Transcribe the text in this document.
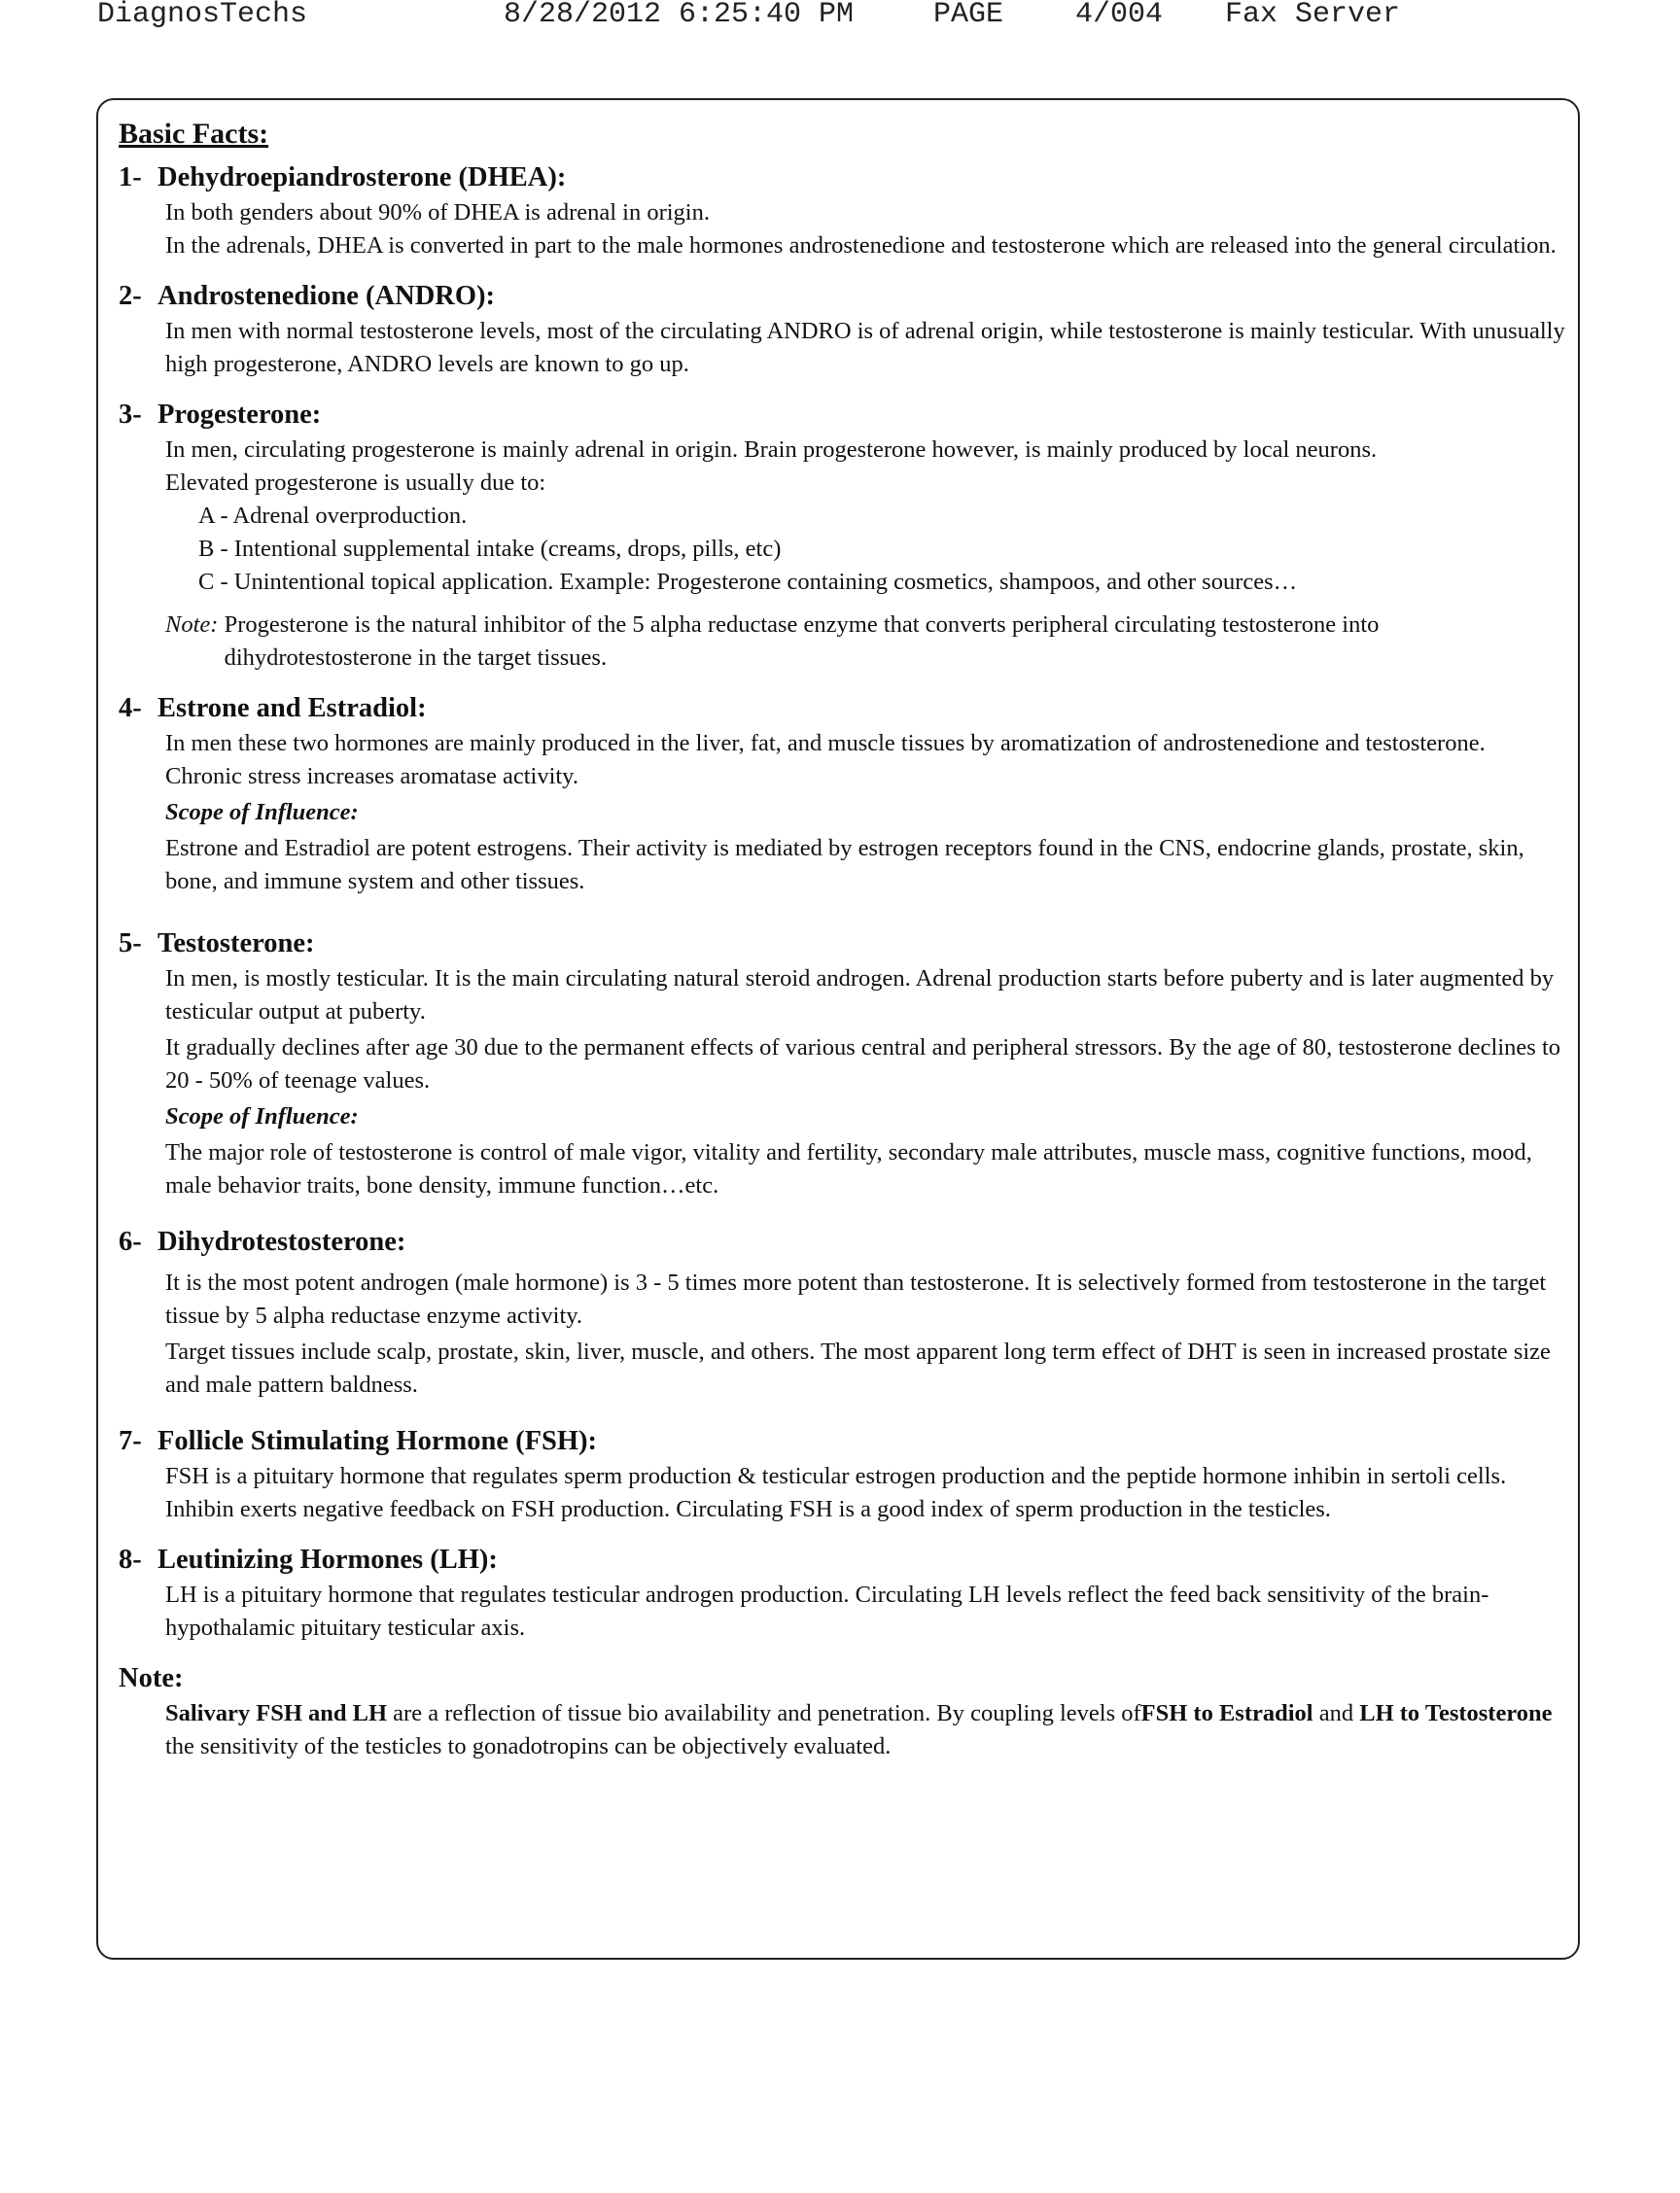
DiagnosTechs

	8/28/2012 6:25:40 PM

	PAGE

4/004

Fax Server

Basic Facts:
1- Dehydroepiandrosterone (DHEA):

In both genders about 90% of DHEA is adrenal in origin.

In the adrenals, DHEA is converted in part to the male hormones androstenedione and testosterone which are released into the general circulation.

2- Androstenedione (ANDRO):

In men with normal testosterone levels, most of the circulating ANDRO is of adrenal origin, while testosterone is mainly testicular. With unusually high progesterone, ANDRO levels are known to go up.

3- Progesterone:

In men, circulating progesterone is mainly adrenal in origin. Brain progesterone however, is mainly produced by local neurons.

Elevated progesterone is usually due to:

A - Adrenal overproduction.

B - Intentional supplemental intake (creams, drops, pills, etc)

C - Unintentional topical application. Example: Progesterone containing cosmetics, shampoos, and other sources…

Note:
Progesterone is the natural inhibitor of the 5 alpha reductase enzyme that converts peripheral circulating testosterone into dihydrotestosterone in the target tissues.
4- Estrone and Estradiol:

In men these two hormones are mainly produced in the liver, fat, and muscle tissues by aromatization of androstenedione and testosterone. Chronic stress increases aromatase activity.

Scope of Influence:

Estrone and Estradiol are potent estrogens. Their activity is mediated by estrogen receptors found in the CNS, endocrine glands, prostate, skin, bone, and immune system and other tissues.

5- Testosterone:

In men, is mostly testicular. It is the main circulating natural steroid androgen. Adrenal production starts before puberty and is later augmented by testicular output at puberty.

It gradually declines after age 30 due to the permanent effects of various central and peripheral stressors. By the age of 80, testosterone declines to 20 - 50% of teenage values.

Scope of Influence:

The major role of testosterone is control of male vigor, vitality and fertility, secondary male attributes, muscle mass, cognitive functions, mood, male behavior traits, bone density, immune function…etc.

6- Dihydrotestosterone:

It is the most potent androgen (male hormone) is 3 - 5 times more potent than testosterone. It is selectively formed from testosterone in the target tissue by 5 alpha reductase enzyme activity.

Target tissues include scalp, prostate, skin, liver, muscle, and others. The most apparent long term effect of DHT is seen in increased prostate size and male pattern baldness.

7- Follicle Stimulating Hormone (FSH):

FSH is a pituitary hormone that regulates sperm production & testicular estrogen production and the peptide hormone inhibin in sertoli cells.

Inhibin exerts negative feedback on FSH production. Circulating FSH is a good index of sperm production in the testicles.

8- Leutinizing Hormones (LH):

LH is a pituitary hormone that regulates testicular androgen production. Circulating LH levels reflect the feed back sensitivity of the brain-hypothalamic pituitary testicular axis.

Note:

Salivary FSH and LH are a reflection of tissue bio availability and penetration. By coupling levels ofFSH to Estradiol and LH to Testosterone the sensitivity of the testicles to gonadotropins can be objectively evaluated.
